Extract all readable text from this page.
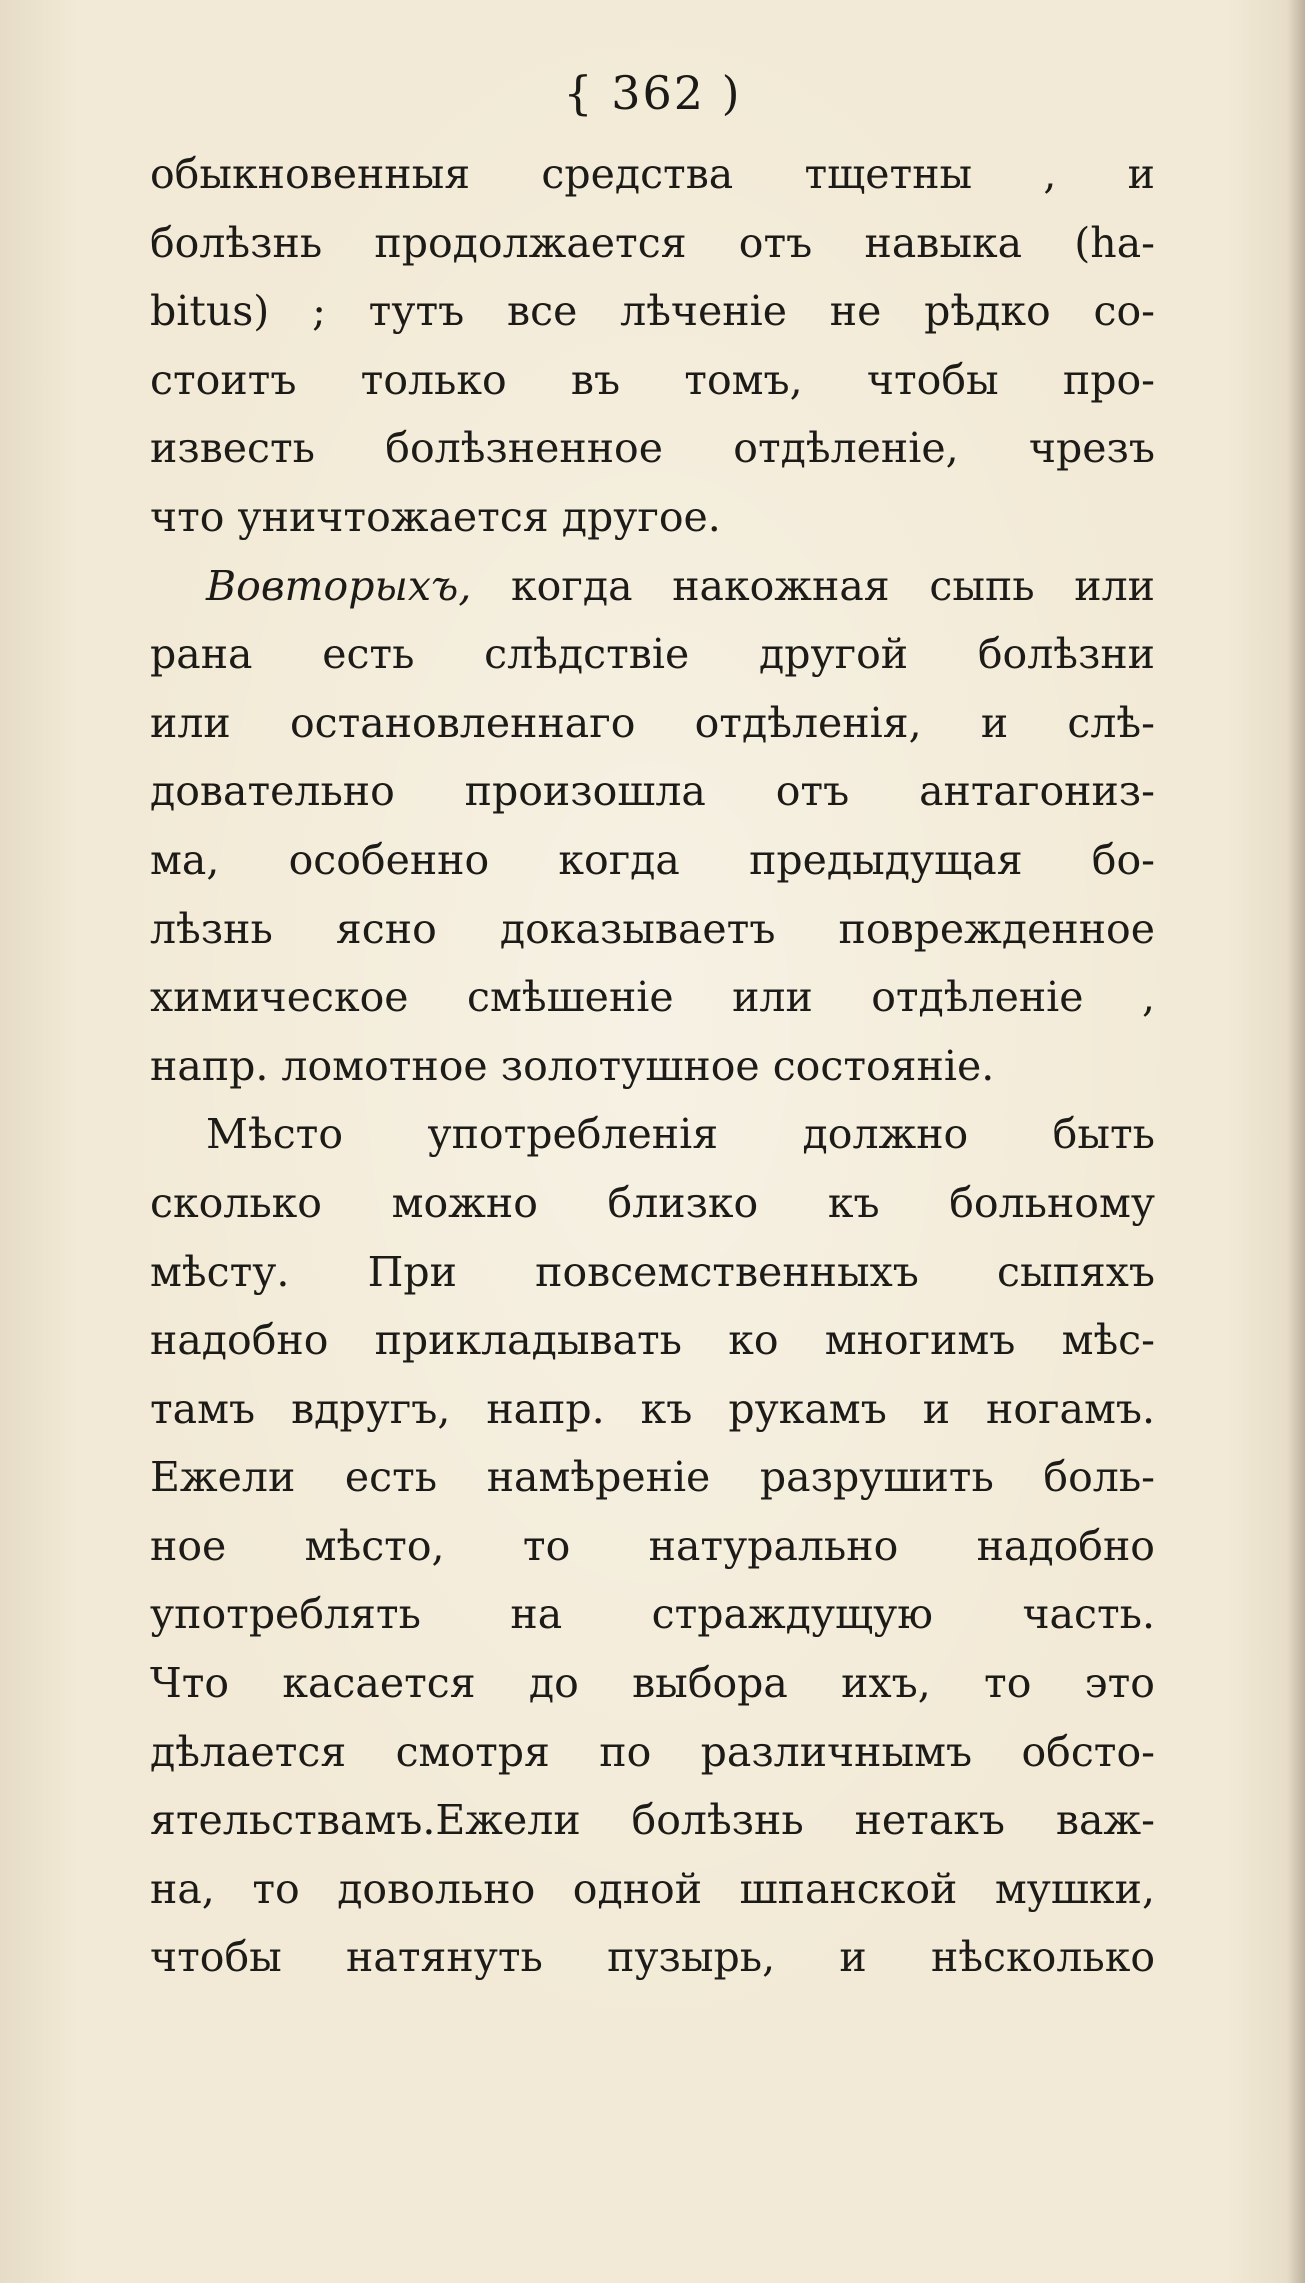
{ 362 )
обыкновенныя средства тщетны , и
болѣзнь продолжается отъ навыка (ha-
bitus) ; тутъ все лѣченіе не рѣдко со-
стоитъ только въ томъ, чтобы про-
известь болѣзненное отдѣленіе, чрезъ
что уничтожается другое.
Вовторыхъ, когда накожная сыпь или
рана есть слѣдствіе другой болѣзни
или остановленнаго отдѣленія, и слѣ-
довательно произошла отъ антагониз-
ма, особенно когда предыдущая бо-
лѣзнь ясно доказываетъ поврежденное
химическое смѣшеніе или отдѣленіе ,
напр. ломотное золотушное состояніе.
Мѣсто употребленія должно быть
сколько можно близко къ больному
мѣсту. При повсемственныхъ сыпяхъ
надобно прикладывать ко многимъ мѣс-
тамъ вдругъ, напр. къ рукамъ и ногамъ.
Ежели есть намѣреніе разрушить боль-
ное мѣсто, то натурально надобно
употреблять на страждущую часть.
Что касается до выбора ихъ, то это
дѣлается смотря по различнымъ обсто-
ятельствамъ.Ежели болѣзнь нетакъ важ-
на, то довольно одной шпанской мушки,
чтобы натянуть пузырь, и нѣсколько
